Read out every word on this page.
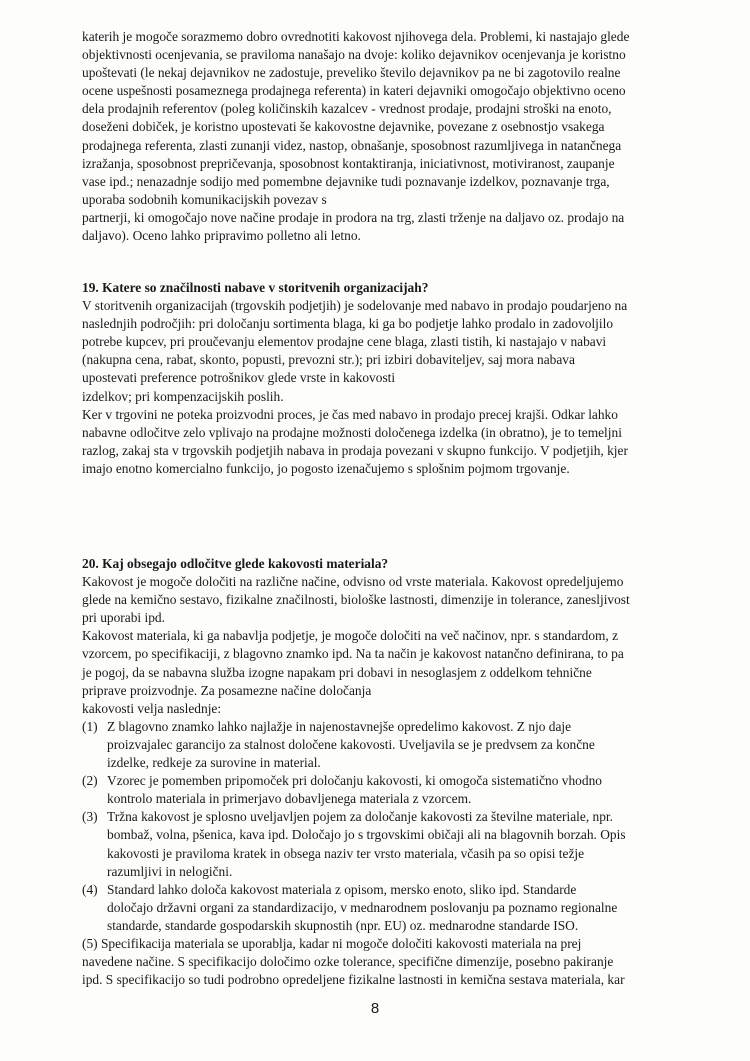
katerih je mogoče sorazmemo dobro ovrednotiti kakovost njihovega dela. Problemi, ki nastajajo glede
objektivnosti ocenjevania, se praviloma nanašajo na dvoje: koliko dejavnikov ocenjevanja je koristno
upoštevati (le nekaj dejavnikov ne zadostuje, preveliko število dejavnikov pa ne bi zagotovilo realne
ocene uspešnosti posameznega prodajnega referenta) in kateri dejavniki omogočajo objektivno oceno
dela prodajnih referentov (poleg količinskih kazalcev - vrednost prodaje, prodajni stroški na enoto,
doseženi dobiček, je koristno upostevati še kakovostne dejavnike, povezane z osebnostjo vsakega
prodajnega referenta, zlasti zunanji videz, nastop, obnašanje, sposobnost razumljivega in natančnega
izražanja, sposobnost prepričevanja, sposobnost kontaktiranja, iniciativnost, motiviranost, zaupanje
vase ipd.; nenazadnje sodijo med pomembne dejavnike tudi poznavanje izdelkov, poznavanje trga,
uporaba sodobnih komunikacijskih povezav s
partnerji, ki omogočajo nove načine prodaje in prodora na trg, zlasti trženje na daljavo oz. prodajo na
daljavo). Oceno lahko pripravimo polletno ali letno.
19. Katere so značilnosti nabave v storitvenih organizacijah?
V storitvenih organizacijah (trgovskih podjetjih) je sodelovanje med nabavo in prodajo poudarjeno na
naslednjih področjih: pri določanju sortimenta blaga, ki ga bo podjetje lahko prodalo in zadovoljilo
potrebe kupcev, pri proučevanju elementov prodajne cene blaga, zlasti tistih, ki nastajajo v nabavi
(nakupna cena, rabat, skonto, popusti, prevozni str.); pri izbiri dobaviteljev, saj mora nabava
upostevati preference potrošnikov glede vrste in kakovosti
izdelkov; pri kompenzacijskih poslih.
Ker v trgovini ne poteka proizvodni proces, je čas med nabavo in prodajo precej krajši. Odkar lahko
nabavne odločitve zelo vplivajo na prodajne možnosti določenega izdelka (in obratno), je to temeljni
razlog, zakaj sta v trgovskih podjetjih nabava in prodaja povezani v skupno funkcijo. V podjetjih, kjer
imajo enotno komercialno funkcijo, jo pogosto izenačujemo s splošnim pojmom trgovanje.
20. Kaj obsegajo odločitve glede kakovosti materiala?
Kakovost je mogoče določiti na različne načine, odvisno od vrste materiala. Kakovost opredeljujemo
glede na kemično sestavo, fizikalne značilnosti, biološke lastnosti, dimenzije in tolerance, zanesljivost
pri uporabi ipd.
Kakovost materiala, ki ga nabavlja podjetje, je mogoče določiti na več načinov, npr. s standardom, z
vzorcem, po specifikaciji, z blagovno znamko ipd. Na ta način je kakovost natančno definirana, to pa
je pogoj, da se nabavna služba izogne napakam pri dobavi in nesoglasjem z oddelkom tehnične
priprave proizvodnje. Za posamezne načine določanja
kakovosti velja naslednje:
(1) Z blagovno znamko lahko najlažje in najenostavnejše opredelimo kakovost. Z njo daje
proizvajalec garancijo za stalnost določene kakovosti. Uveljavila se je predvsem za končne
izdelke, redkeje za surovine in material.
(2) Vzorec je pomemben pripomoček pri določanju kakovosti, ki omogoča sistematično vhodno
kontrolo materiala in primerjavo dobavljenega materiala z vzorcem.
(3) Tržna kakovost je splosno uveljavljen pojem za določanje kakovosti za številne materiale, npr.
bombaž, volna, pšenica, kava ipd. Določajo jo s trgovskimi običaji ali na blagovnih borzah. Opis
kakovosti je praviloma kratek in obsega naziv ter vrsto materiala, včasih pa so opisi težje
razumljivi in nelogični.
(4) Standard lahko določa kakovost materiala z opisom, mersko enoto, sliko ipd. Standarde
določajo državni organi za standardizacijo, v mednarodnem poslovanju pa poznamo regionalne
standarde, standarde gospodarskih skupnostih (npr. EU) oz. mednarodne standarde ISO.
(5) Specifikacija materiala se uporablja, kadar ni mogoče določiti kakovosti materiala na prej
navedene načine. S specifikacijo določimo ozke tolerance, specifične dimenzije, posebno pakiranje
ipd. S specifikacijo so tudi podrobno opredeljene fizikalne lastnosti in kemična sestava materiala, kar
8
